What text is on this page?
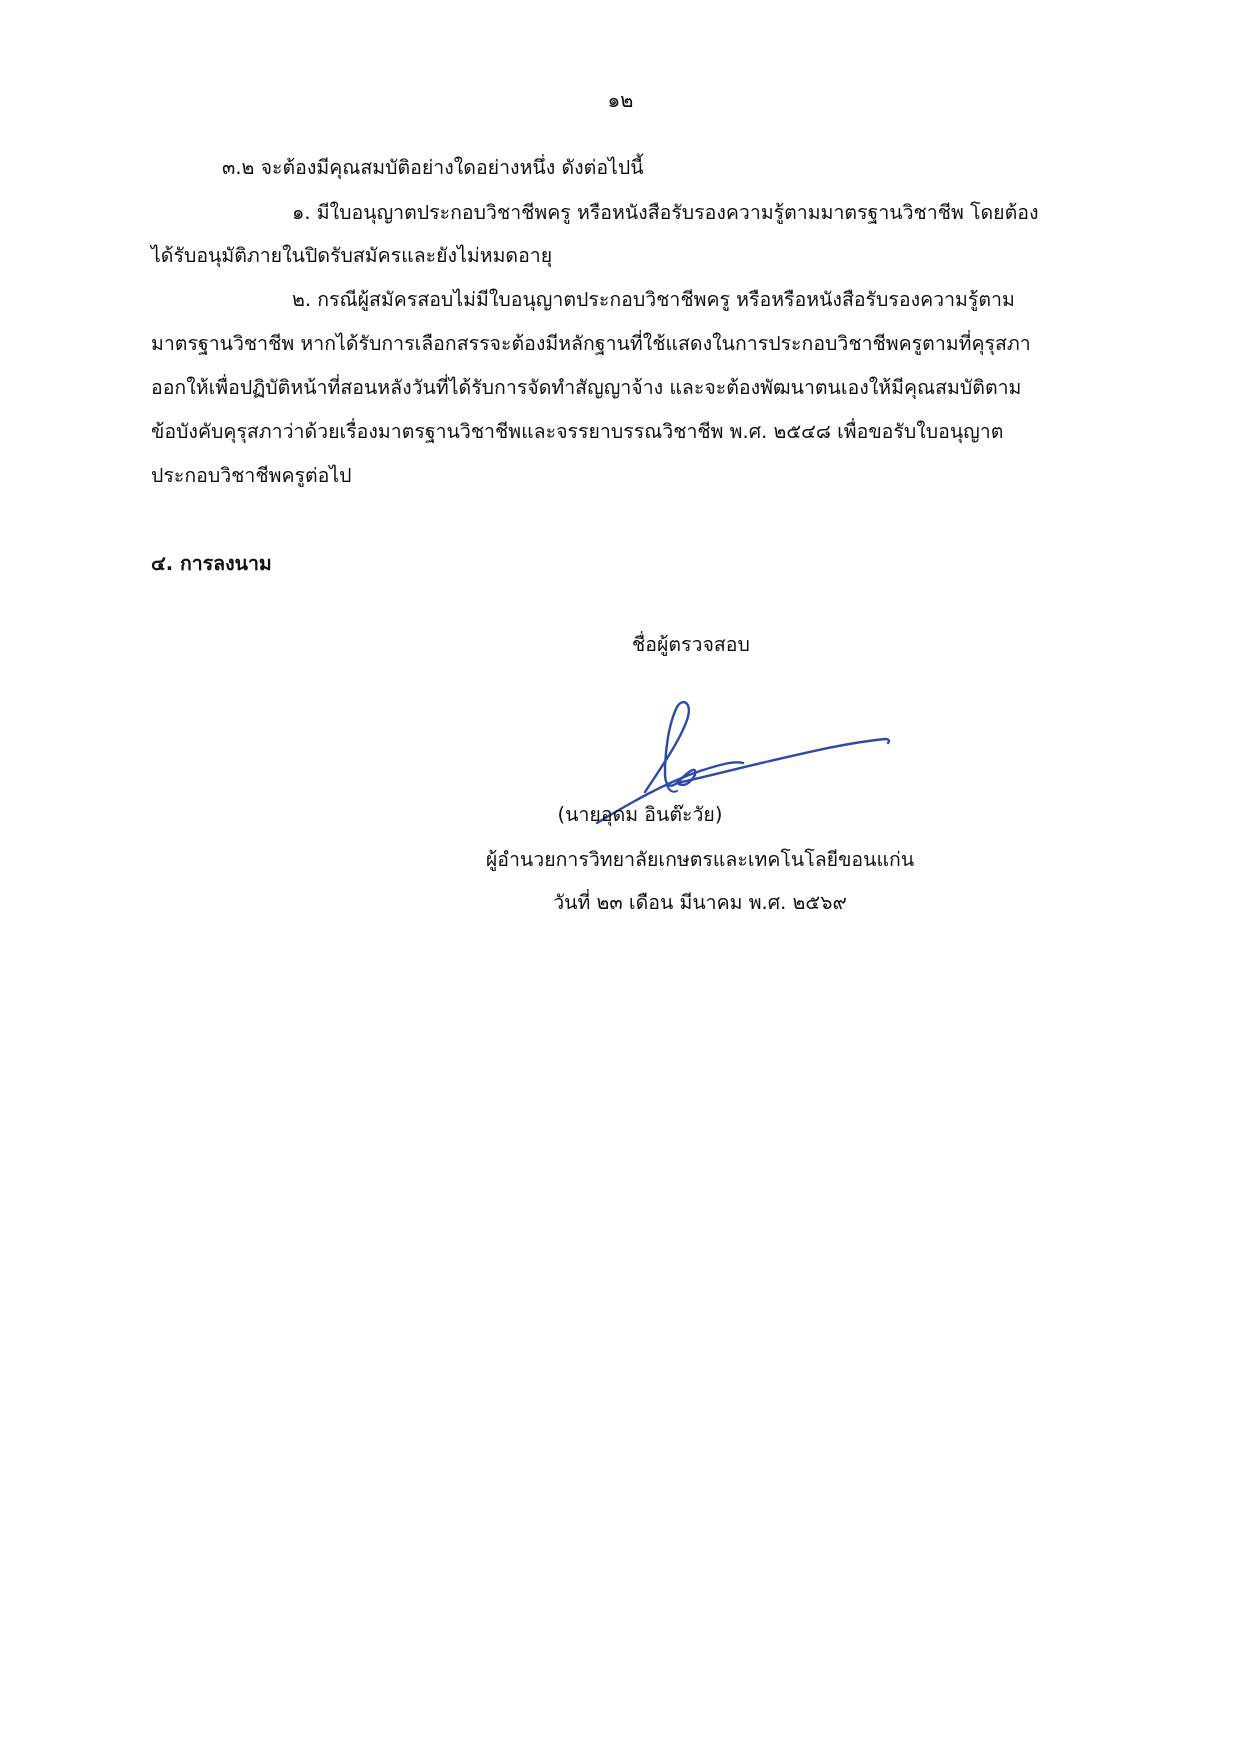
๑๒
๓.๒ จะต้องมีคุณสมบัติอย่างใดอย่างหนึ่ง ดังต่อไปนี้
๑. มีใบอนุญาตประกอบวิชาชีพครู หรือหนังสือรับรองความรู้ตามมาตรฐานวิชาชีพ โดยต้อง
ได้รับอนุมัติภายในปิดรับสมัครและยังไม่หมดอายุ
๒. กรณีผู้สมัครสอบไม่มีใบอนุญาตประกอบวิชาชีพครู หรือหรือหนังสือรับรองความรู้ตาม
มาตรฐานวิชาชีพ หากได้รับการเลือกสรรจะต้องมีหลักฐานที่ใช้แสดงในการประกอบวิชาชีพครูตามที่คุรุสภา
ออกให้เพื่อปฏิบัติหน้าที่สอนหลังวันที่ได้รับการจัดทำสัญญาจ้าง และจะต้องพัฒนาตนเองให้มีคุณสมบัติตาม
ข้อบังคับคุรุสภาว่าด้วยเรื่องมาตรฐานวิชาชีพและจรรยาบรรณวิชาชีพ พ.ศ. ๒๕๔๘ เพื่อขอรับใบอนุญาต
ประกอบวิชาชีพครูต่อไป
๔. การลงนาม
ชื่อผู้ตรวจสอบ
(นายอุดม อินต๊ะวัย)
ผู้อำนวยการวิทยาลัยเกษตรและเทคโนโลยีขอนแก่น
วันที่ ๒๓ เดือน มีนาคม พ.ศ. ๒๕๖๙
